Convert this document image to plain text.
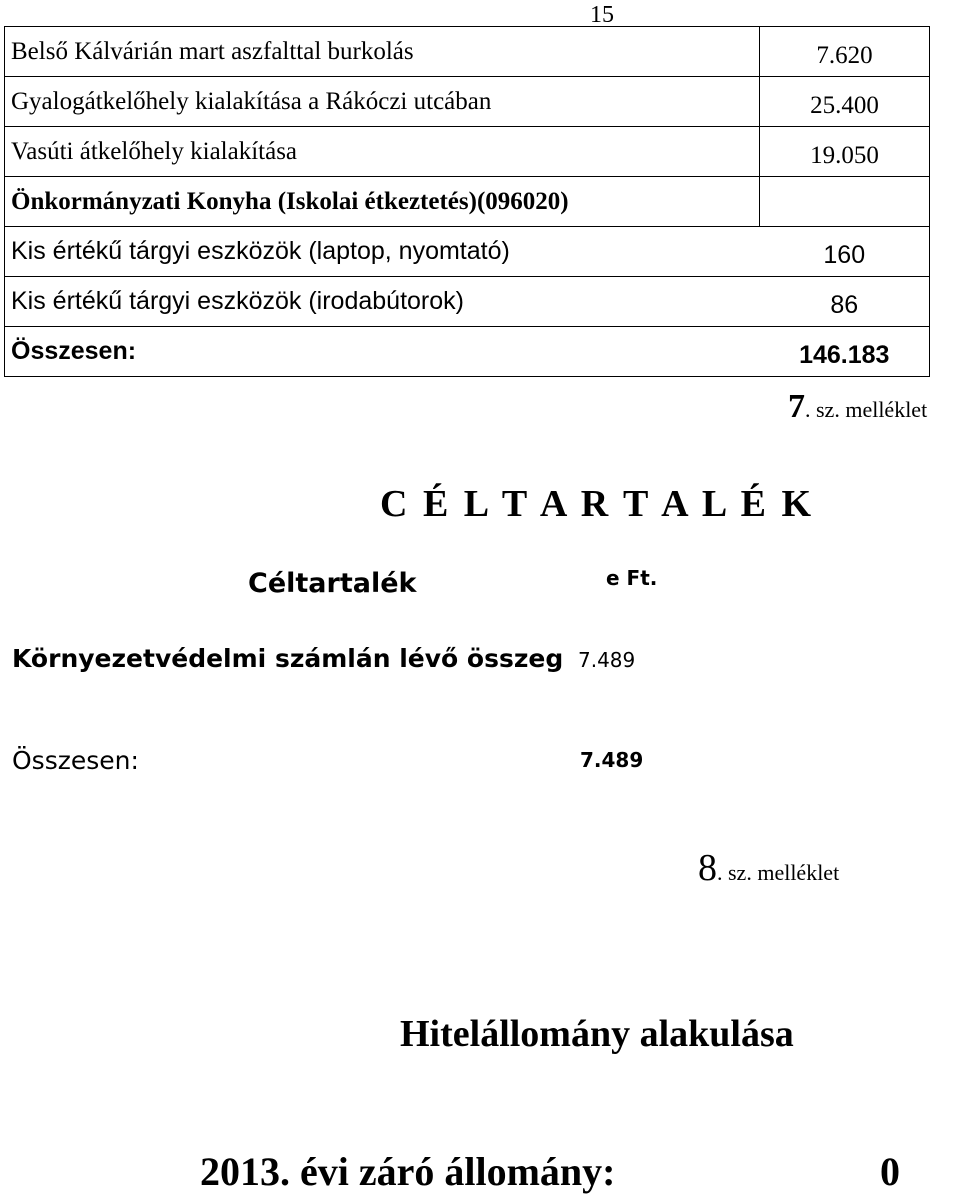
15
Belső Kálvárián mart aszfalttal burkolás	7.620
Gyalogátkelőhely kialakítása a Rákóczi utcában	25.400
Vasúti átkelőhely kialakítása	19.050
Önkormányzati Konyha (Iskolai étkeztetés)(096020)	
Kis értékű tárgyi eszközök (laptop, nyomtató)	160
Kis értékű tárgyi eszközök (irodabútorok)	86
Összesen:	146.183
7. sz. melléklet
C É L T A R T A L É K
Céltartalék	e Ft.
Környezetvédelmi számlán lévő összeg 7.489
Összesen:	7.489
8. sz. melléklet
Hitelállomány alakulása
2013. évi záró állomány:	0
